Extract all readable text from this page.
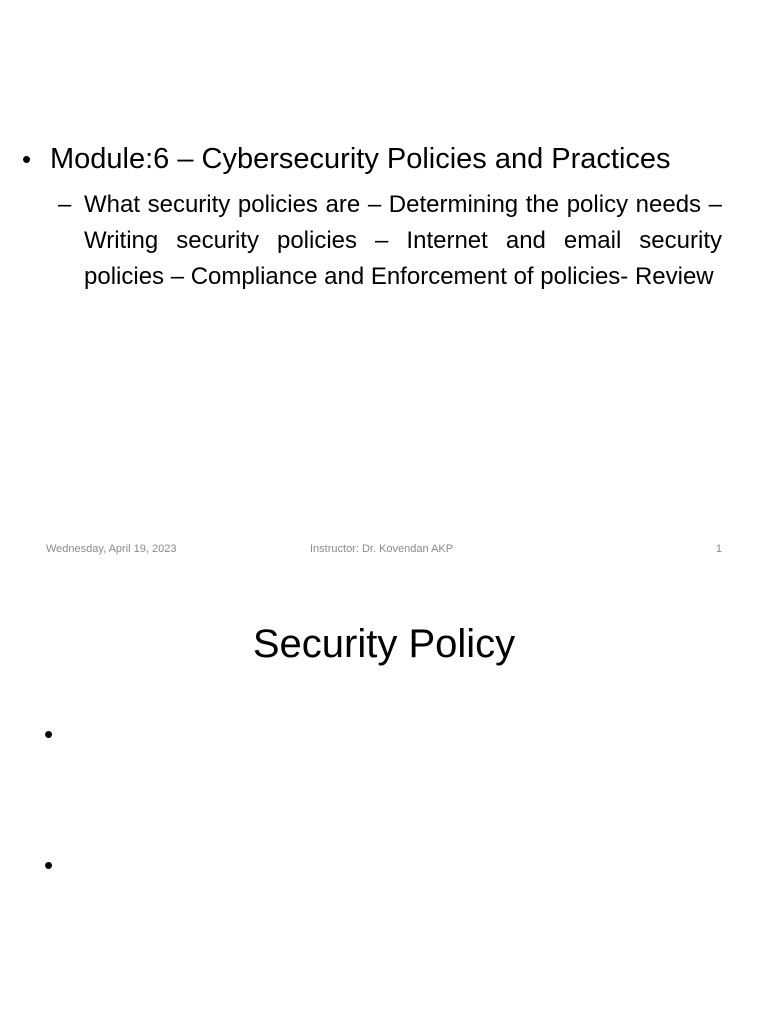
• Module:6 – Cybersecurity Policies and Practices
– What security policies are – Determining the policy needs – Writing security policies – Internet and email security policies – Compliance and Enforcement of policies- Review
Wednesday, April 19, 2023	Instructor: Dr. Kovendan AKP	1
Security Policy
•
•
